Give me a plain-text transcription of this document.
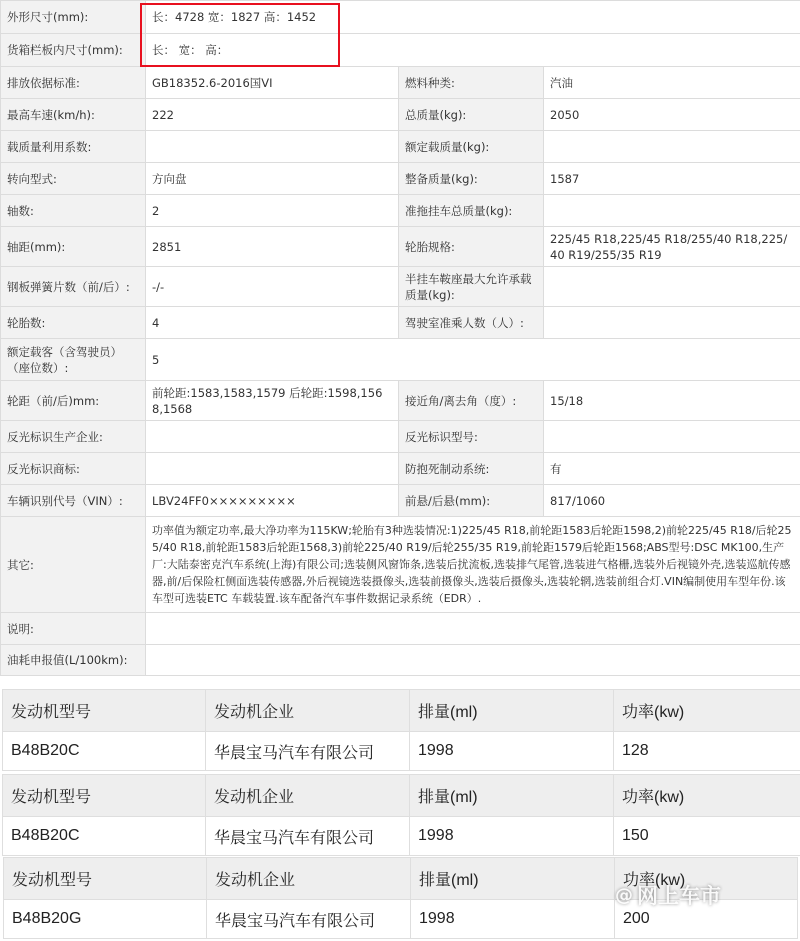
外形尺寸(mm):	长：4728 宽：1827 高：1452		
货箱栏板内尺寸(mm):	长： 宽： 高：		
排放依据标准:	GB18352.6-2016国VI	燃料种类:	汽油
最高车速(km/h):	222	总质量(kg):	2050
载质量利用系数:		额定载质量(kg):	
转向型式:	方向盘	整备质量(kg):	1587
轴数:	2	准拖挂车总质量(kg):	
轴距(mm):	2851	轮胎规格:	225/45 R18,225/45 R18/255/40 R18,225/40 R19/255/35 R19
钢板弹簧片数（前/后）:	-/-	半挂车鞍座最大允许承载质量(kg):	
轮胎数:	4	驾驶室准乘人数（人）:	
额定载客（含驾驶员）（座位数）:	5		
轮距（前/后)mm:	前轮距:1583,1583,1579 后轮距:1598,1568,1568	接近角/离去角（度）:	15/18
反光标识生产企业:		反光标识型号:	
反光标识商标:		防抱死制动系统:	有
车辆识别代号（VIN）:	LBV24FF0×××××××××	前悬/后悬(mm):	817/1060
其它:	功率值为额定功率,最大净功率为115KW;轮胎有3种选装情况:1)225/45 R18,前轮距1583后轮距1598,2)前轮225/45 R18/后轮255/40 R18,前轮距1583后轮距1568,3)前轮225/40 R19/后轮255/35 R19,前轮距1579后轮距1568;ABS型号:DSC MK100,生产厂:大陆泰密克汽车系统(上海)有限公司;选装侧风窗饰条,选装后扰流板,选装排气尾管,选装进气格栅,选装外后视镜外壳,选装巡航传感器,前/后保险杠侧面选装传感器,外后视镜选装摄像头,选装前摄像头,选装后摄像头,选装轮辋,选装前组合灯.VIN编制使用车型年份.该车型可选装ETC 车载装置.该车配备汽车事件数据记录系统（EDR）.		
说明:			
油耗申报值(L/100km):			
发动机型号	发动机企业	排量(ml)	功率(kw)
B48B20C	华晨宝马汽车有限公司	1998	128
发动机型号	发动机企业	排量(ml)	功率(kw)
B48B20C	华晨宝马汽车有限公司	1998	150
发动机型号	发动机企业	排量(ml)	功率(kw)
B48B20G	华晨宝马汽车有限公司	1998	200
@ 网上车市
